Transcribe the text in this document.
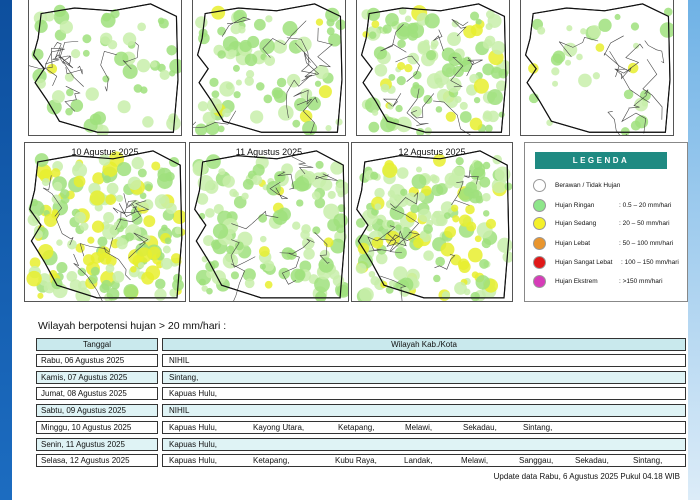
10 Agustus 2025	11 Agustus 2025	12 Agustus 2025
LEGENDA
Berawan / Tidak Hujan
Hujan Ringan	: 0.5 – 20 mm/hari
Hujan Sedang	: 20 – 50 mm/hari
Hujan Lebat	: 50 – 100 mm/hari
Hujan Sangat Lebat : 100 – 150 mm/hari
Hujan Ekstrem	: >150 mm/hari
Wilayah berpotensi hujan > 20 mm/hari :
Tanggal	Wilayah Kab./Kota
Rabu, 06 Agustus 2025	NIHIL
Kamis, 07 Agustus 2025	Sintang,
Jumat, 08 Agustus 2025	Kapuas Hulu,
Sabtu, 09 Agustus 2025	NIHIL
Minggu, 10 Agustus 2025	Kapuas Hulu,	Kayong Utara,	Ketapang,	Melawi,	Sekadau,	Sintang,
Senin, 11 Agustus 2025	Kapuas Hulu,
Selasa, 12 Agustus 2025	Kapuas Hulu,	Ketapang,	Kubu Raya,	Landak,	Melawi,	Sanggau,	Sekadau,	Sintang,
Update data Rabu, 6 Agustus 2025 Pukul 04.18 WIB
